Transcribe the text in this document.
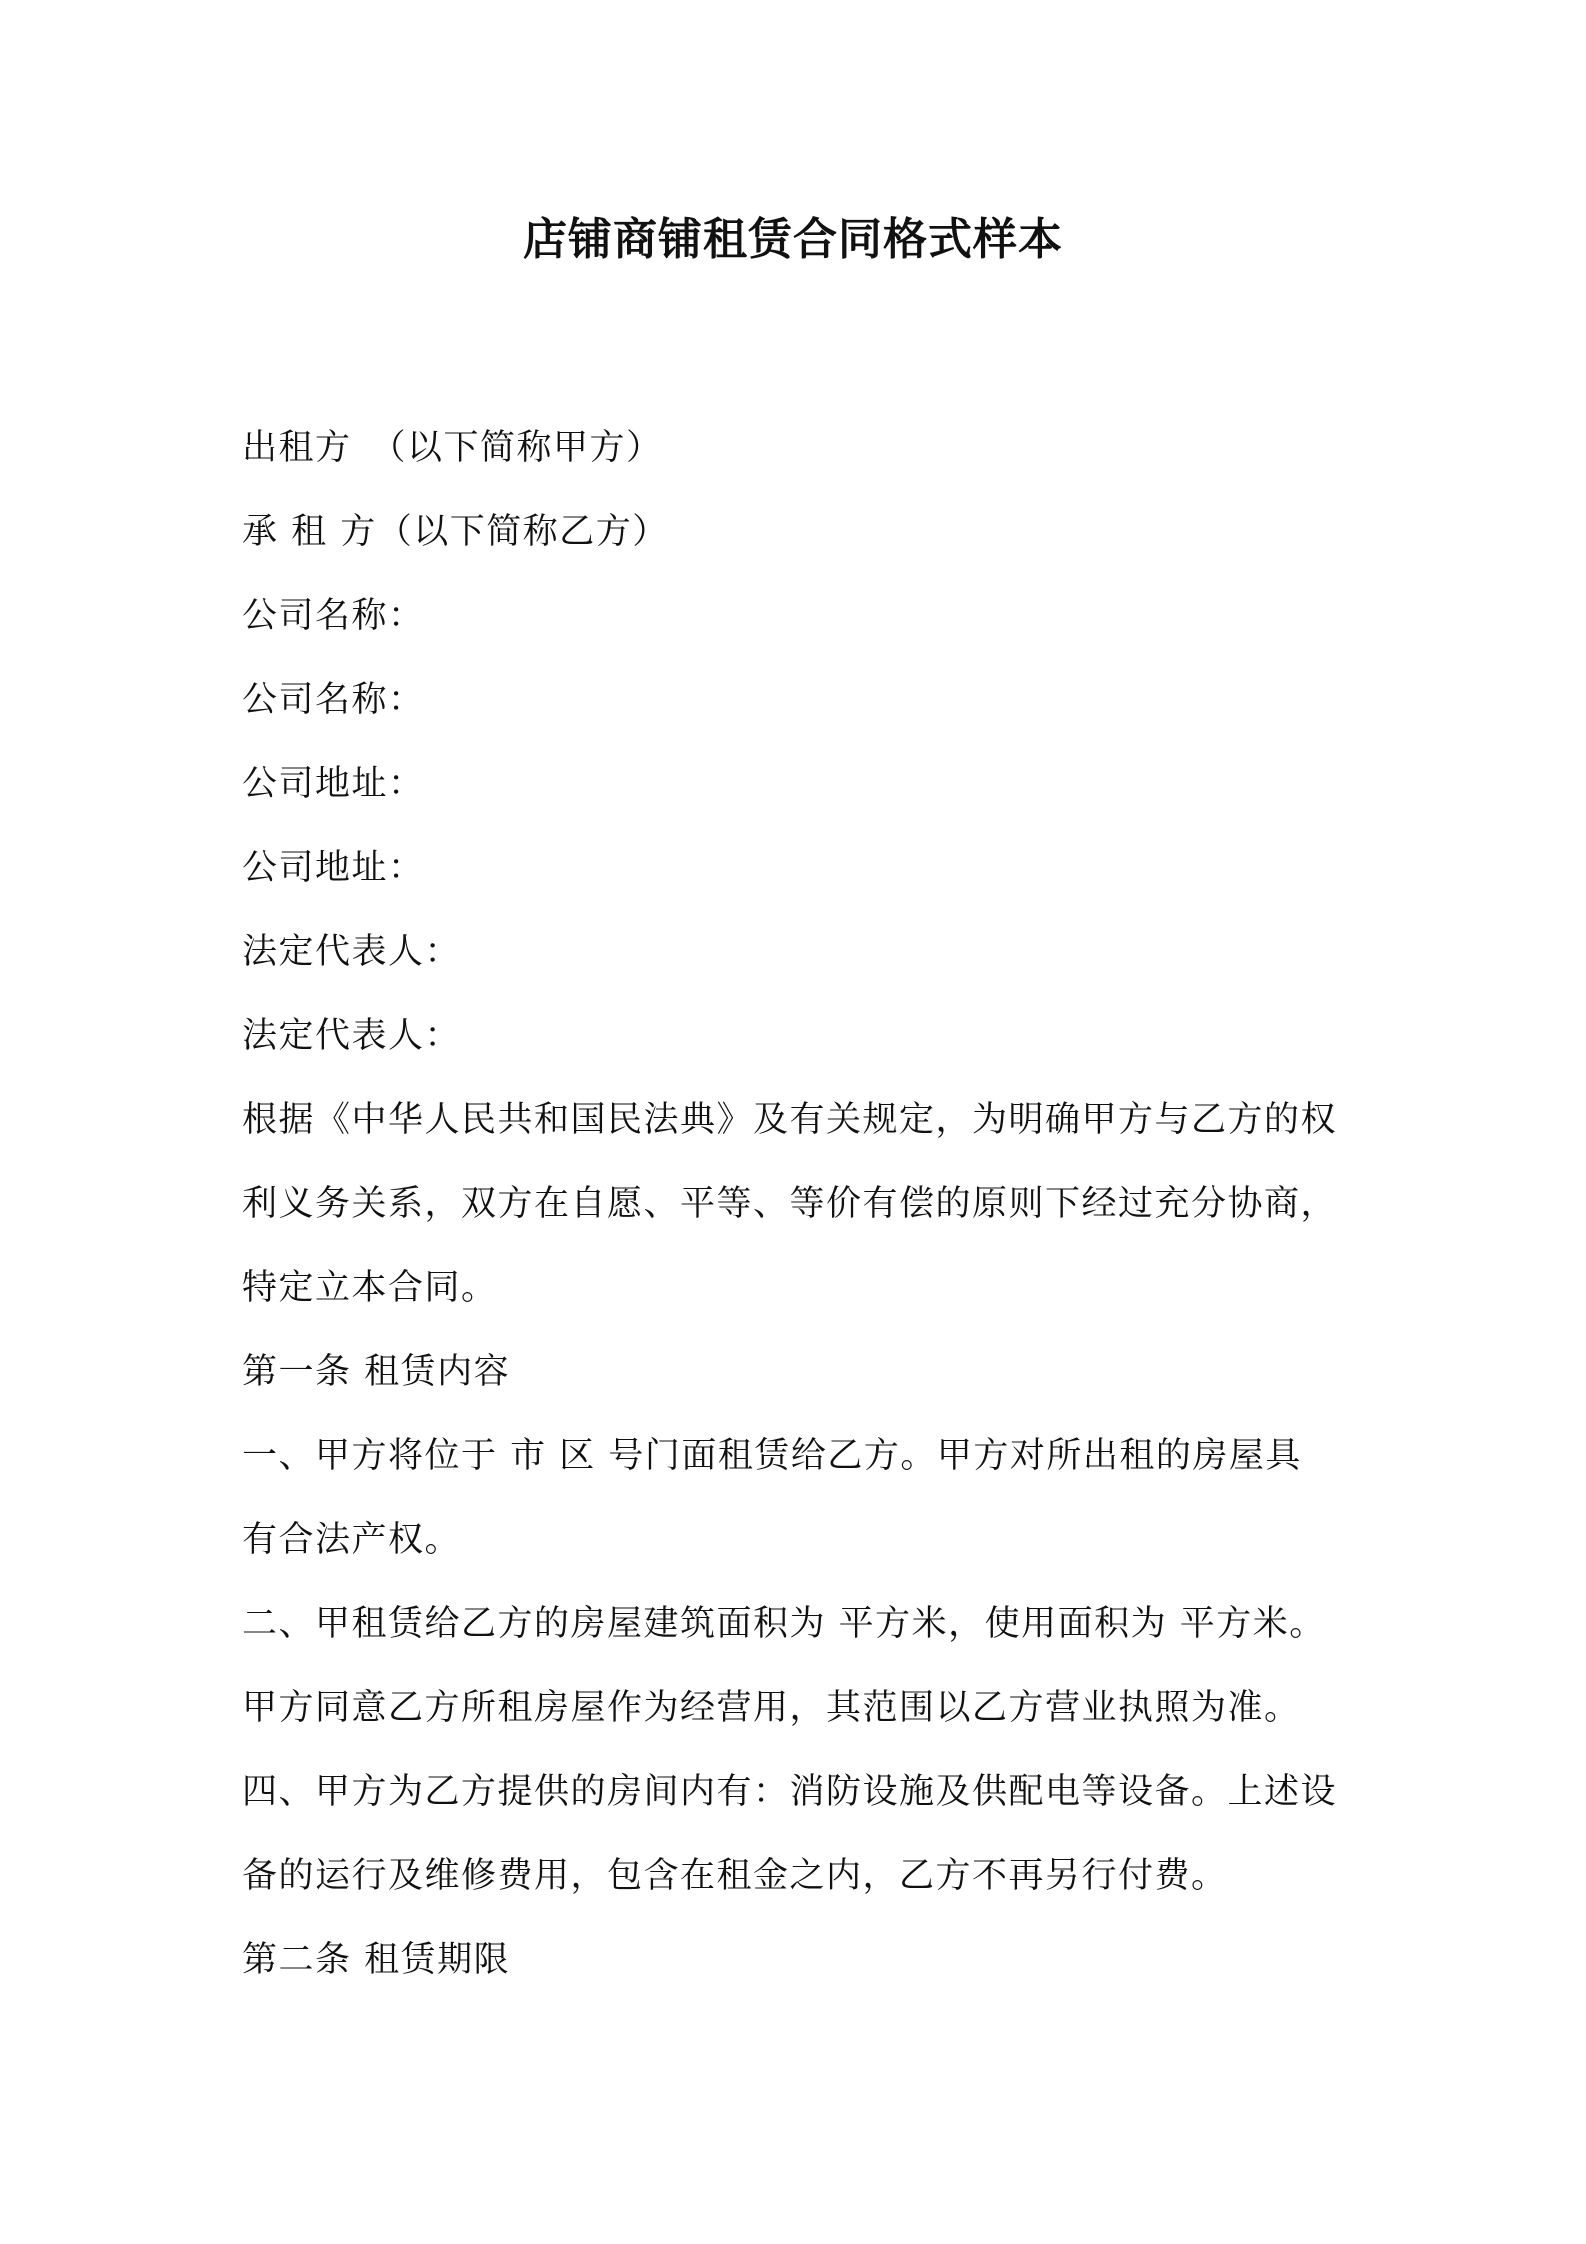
店铺商铺租赁合同格式样本
出租方　（以下简称甲方）
承 租 方（以下简称乙方）
公司名称：
公司名称：
公司地址：
公司地址：
法定代表人：
法定代表人：
根据《中华人民共和国民法典》及有关规定，为明确甲方与乙方的权
利义务关系，双方在自愿、平等、等价有偿的原则下经过充分协商，
特定立本合同。
第一条 租赁内容
一、甲方将位于 市 区 号门面租赁给乙方。甲方对所出租的房屋具
有合法产权。
二、甲租赁给乙方的房屋建筑面积为 平方米，使用面积为 平方米。
甲方同意乙方所租房屋作为经营用，其范围以乙方营业执照为准。
四、甲方为乙方提供的房间内有：消防设施及供配电等设备。上述设
备的运行及维修费用，包含在租金之内，乙方不再另行付费。
第二条 租赁期限
